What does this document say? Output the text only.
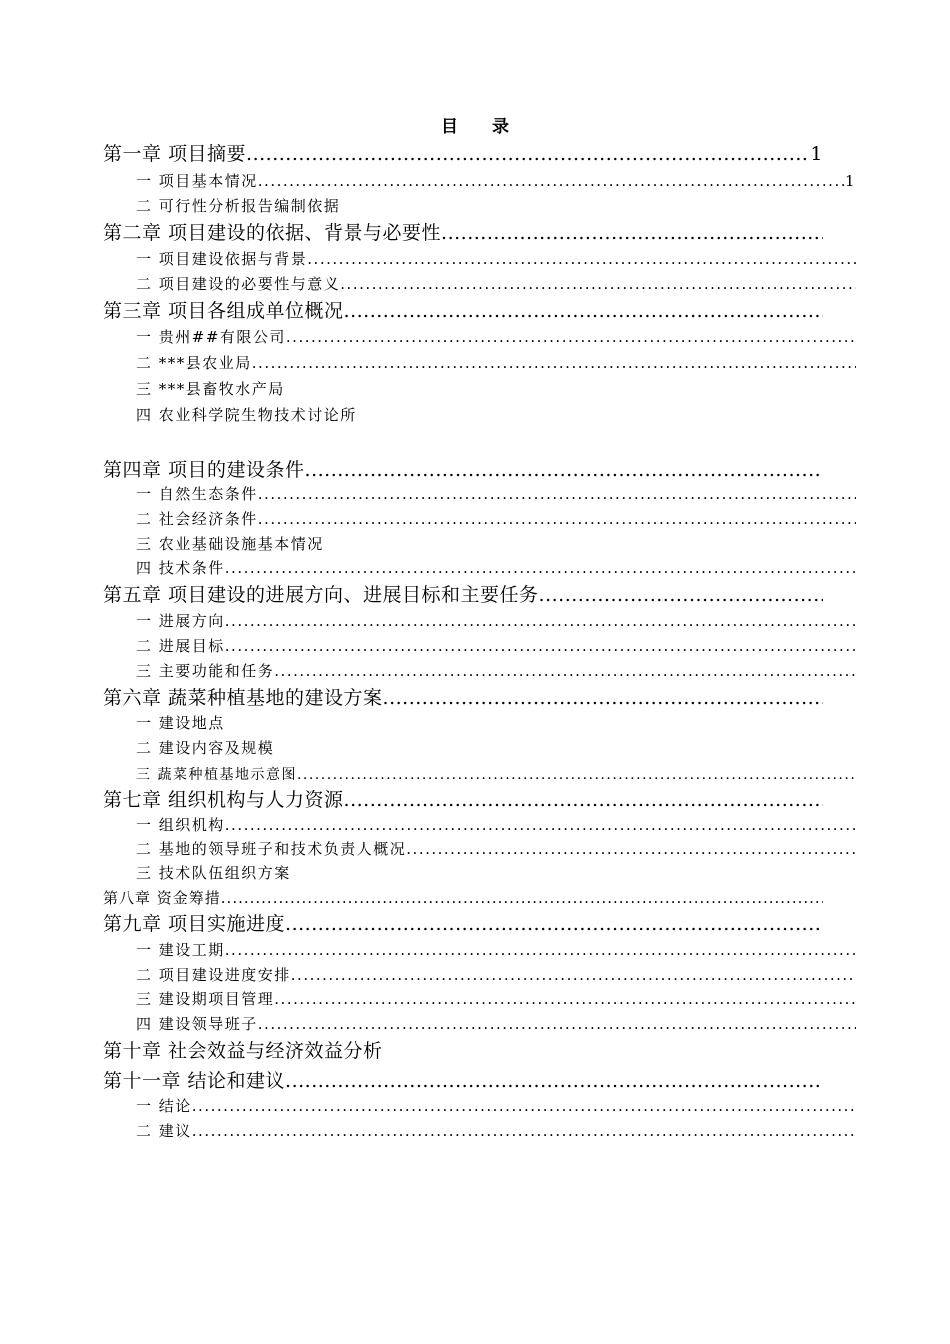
目 录
第一章 项目摘要 .....	1
一 项目基本情况 .....	1
二 可行性分析报告编制依据
第二章 项目建设的依据、背景与必要性
.....
一 项目建设依据与背景
.....
二 项目建设的必要性与意义
.....
第三章 项目各组成单位概况
.....
一 贵州##有限公司
.....
二 ***县农业局
.....
三 ***县畜牧水产局
四 农业科学院生物技术讨论所
第四章 项目的建设条件
.....
一 自然生态条件
.....
二 社会经济条件
.....
三 农业基础设施基本情况
四 技术条件
.....
第五章 项目建设的进展方向、进展目标和主要任务
.....
一 进展方向
.....
二 进展目标
.....
三 主要功能和任务
.....
第六章 蔬菜种植基地的建设方案
.....
一 建设地点
二 建设内容及规模
三 蔬菜种植基地示意图
.....
第七章 组织机构与人力资源
.....
一 组织机构
.....
二 基地的领导班子和技术负责人概况
.....
三 技术队伍组织方案
第八章 资金筹措
.....
第九章 项目实施进度
.....
一 建设工期
.....
二 项目建设进度安排
.....
三 建设期项目管理
.....
四 建设领导班子
.....
第十章 社会效益与经济效益分析
第十一章 结论和建议
.....
一 结论
.....
二 建议
.....
